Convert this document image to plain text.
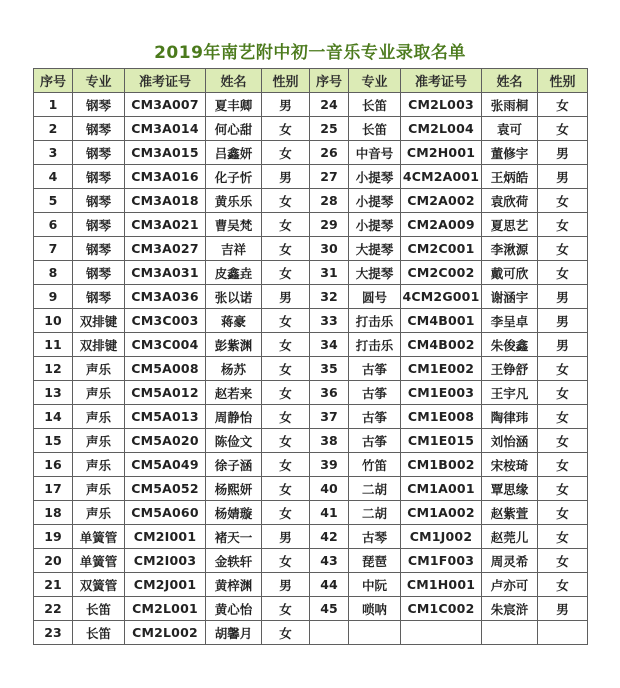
2019年南艺附中初一音乐专业录取名单
序号	专业	准考证号	姓名	性别	序号	专业	准考证号	姓名	性别
1	钢琴	CM3A007	夏丰卿	男	24	长笛	CM2L003	张雨桐	女
2	钢琴	CM3A014	何心甜	女	25	长笛	CM2L004	袁可	女
3	钢琴	CM3A015	吕鑫妍	女	26	中音号	CM2H001	董修宇	男
4	钢琴	CM3A016	化子忻	男	27	小提琴	4CM2A001	王炳皓	男
5	钢琴	CM3A018	黄乐乐	女	28	小提琴	CM2A002	袁欣荷	女
6	钢琴	CM3A021	曹吴梵	女	29	小提琴	CM2A009	夏思艺	女
7	钢琴	CM3A027	吉祥	女	30	大提琴	CM2C001	李湫源	女
8	钢琴	CM3A031	皮鑫垚	女	31	大提琴	CM2C002	戴可欣	女
9	钢琴	CM3A036	张以诺	男	32	圆号	4CM2G001	谢涵宇	男
10	双排键	CM3C003	蒋豪	女	33	打击乐	CM4B001	李呈卓	男
11	双排键	CM3C004	彭紫渊	女	34	打击乐	CM4B002	朱俊鑫	男
12	声乐	CM5A008	杨苏	女	35	古筝	CM1E002	王铮舒	女
13	声乐	CM5A012	赵若来	女	36	古筝	CM1E003	王宇凡	女
14	声乐	CM5A013	周静怡	女	37	古筝	CM1E008	陶律玮	女
15	声乐	CM5A020	陈俭文	女	38	古筝	CM1E015	刘怡涵	女
16	声乐	CM5A049	徐子涵	女	39	竹笛	CM1B002	宋桉琦	女
17	声乐	CM5A052	杨熙妍	女	40	二胡	CM1A001	覃思缘	女
18	声乐	CM5A060	杨婧璇	女	41	二胡	CM1A002	赵紫萱	女
19	单簧管	CM2I001	褚天一	男	42	古琴	CM1J002	赵莞儿	女
20	单簧管	CM2I003	金轶轩	女	43	琵琶	CM1F003	周灵希	女
21	双簧管	CM2J001	黄梓渊	男	44	中阮	CM1H001	卢亦可	女
22	长笛	CM2L001	黄心怡	女	45	唢呐	CM1C002	朱宸浒	男
23	长笛	CM2L002	胡馨月	女					
